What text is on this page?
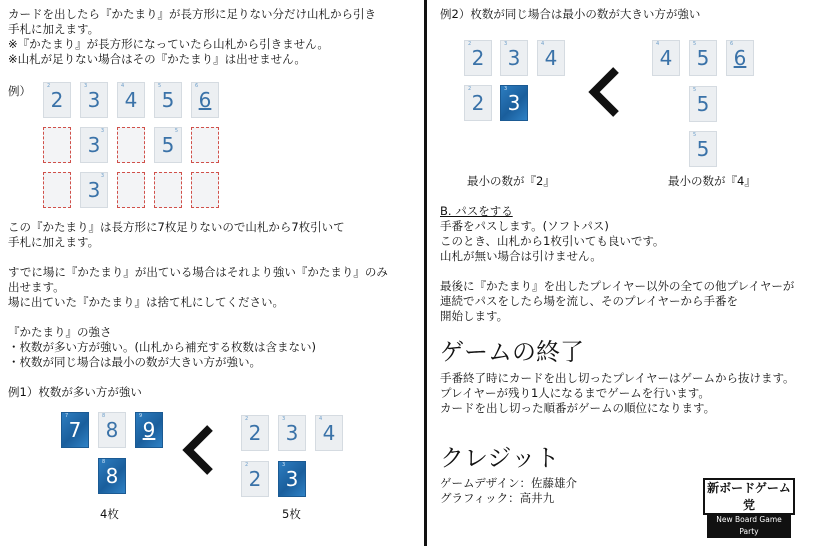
カードを出したら『かたまり』が長方形に足りない分だけ山札から引き
手札に加えます。
※『かたまり』が長方形になっていたら山札から引きません。
※山札が足りない場合はその『かたまり』は出せません。
例）	2
2
3
3
4
4
5
5
6
6
3
3
5
5
3
3
この『かたまり』は長方形に7枚足りないので山札から7枚引いて
手札に加えます。
すでに場に『かたまり』が出ている場合はそれより強い『かたまり』のみ
出せます。
場に出ていた『かたまり』は捨て札にしてください。
『かたまり』の強さ
・枚数が多い方が強い。(山札から補充する枚数は含まない)
・枚数が同じ場合は最小の数が大きい方が強い。
例1）枚数が多い方が強い
7
7
8
8
9
9
8
8
4枚
2
2
3
3
4
4
2
2
3
3
5枚
例2）枚数が同じ場合は最小の数が大きい方が強い
2
2
3
3
4
4
2
2
3
3
4
4
5
5
6
6
5
5
5
5
最小の数が『2』	最小の数が『4』
B. パスをする
手番をパスします。(ソフトパス)
このとき、山札から1枚引いても良いです。
山札が無い場合は引けません。
最後に『かたまり』を出したプレイヤー以外の全ての他プレイヤーが
連続でパスをしたら場を流し、そのプレイヤーから手番を
開始します。
ゲームの終了
手番終了時にカードを出し切ったプレイヤーはゲームから抜けます。
プレイヤーが残り1人になるまでゲームを行います。
カードを出し切った順番がゲームの順位になります。
クレジット
ゲームデザイン：佐藤雄介
グラフィック：高井九
新ボードゲーム党
New Board Game Party
